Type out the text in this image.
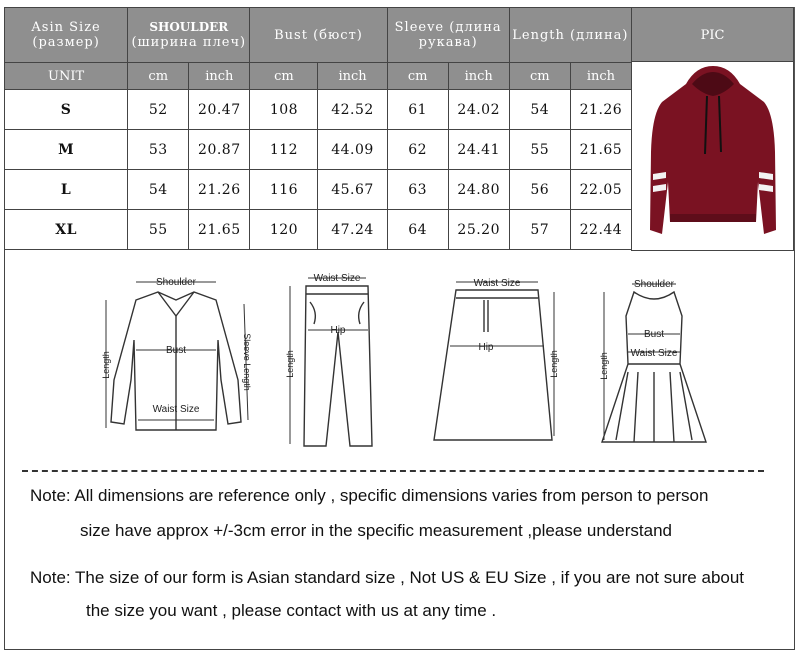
Asin Size (размер)	SHOULDER
(ширина плеч)		Bust (бюст)		Sleeve (длина рукава)		Length (длина)	
UNIT	cm	inch	cm	inch	cm	inch	cm	inch
S	52	20.47	108	42.52	61	24.02	54	21.26
M	53	20.87	112	44.09	62	24.41	55	21.65
L	54	21.26	116	45.67	63	24.80	56	22.05
XL	55	21.65	120	47.24	64	25.20	57	22.44
PIC
Shoulder
Bust
Waist Size
Length	Sleeve Length
Waist Size
Hip
Length
Waist Size
Hip
Length
Shoulder
Bust
Waist Size
Length
Note: All dimensions are reference only , specific dimensions varies from person to person
size have approx +/-3cm error in the specific measurement ,please understand
Note: The size of our form is Asian standard size , Not US & EU Size , if you are not sure about
the size you want , please contact with us at any time .
